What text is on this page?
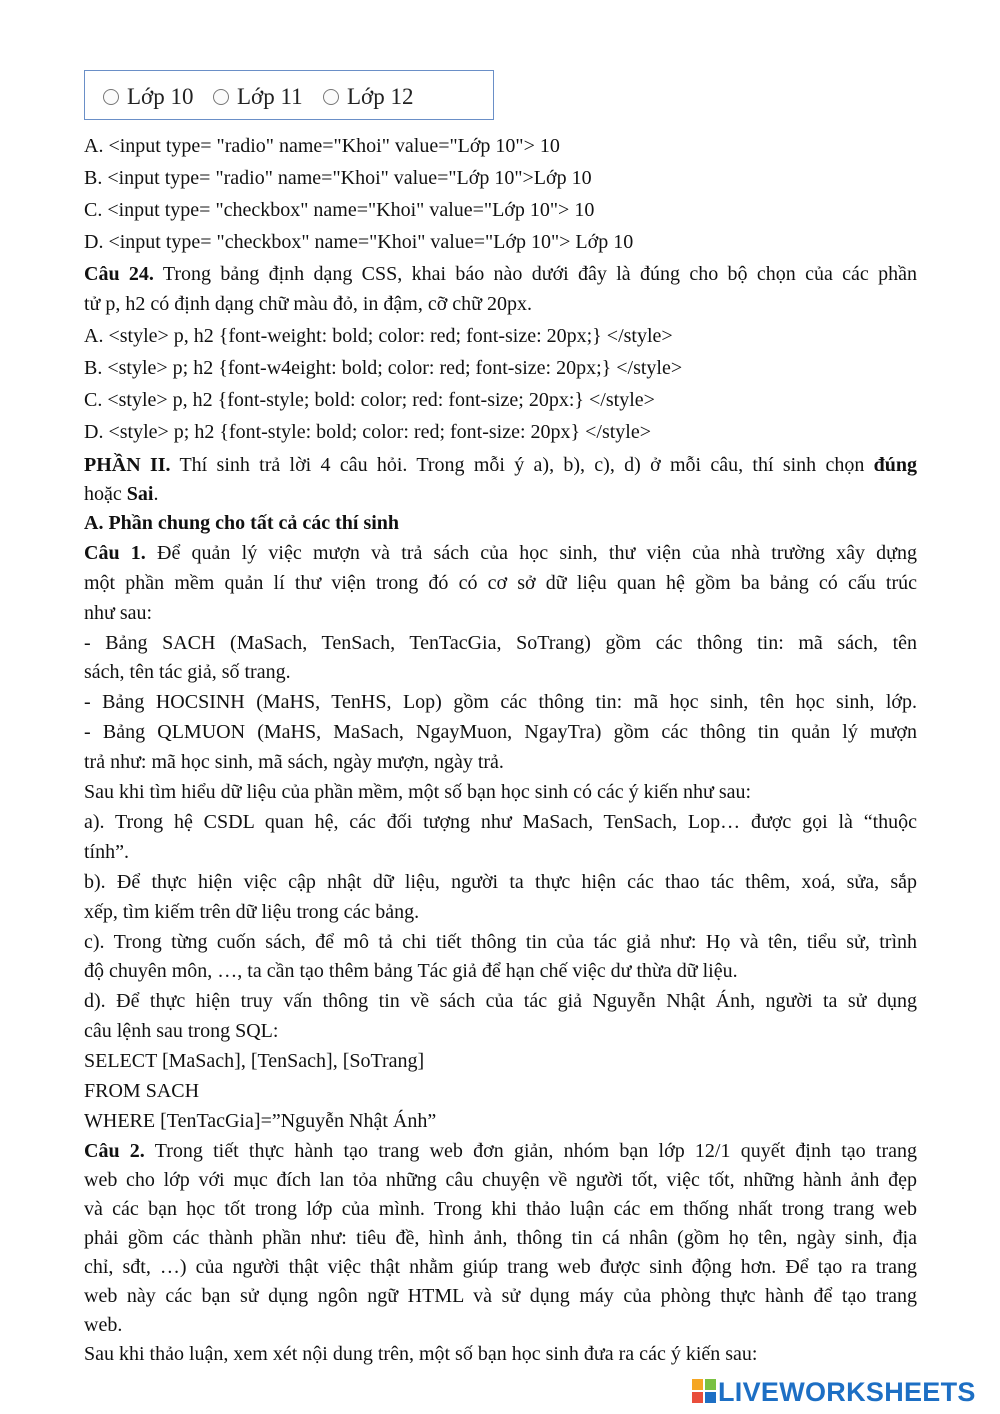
Lớp 10	Lớp 11	Lớp 12

A. <input type= "radio" name="Khoi" value="Lớp 10"> 10

B. <input type= "radio" name="Khoi" value="Lớp 10">Lớp 10

C. <input type= "checkbox" name="Khoi" value="Lớp 10"> 10

D. <input type= "checkbox" name="Khoi" value="Lớp 10"> Lớp 10

Câu 24. Trong bảng định dạng CSS, khai báo nào dưới đây là đúng cho bộ chọn của các phần

tử p, h2 có định dạng chữ màu đỏ, in đậm, cỡ chữ 20px.

A. <style> p, h2 {font-weight: bold; color: red; font-size: 20px;} </style>

B. <style> p; h2 {font-w4eight: bold; color: red; font-size: 20px;} </style>

C. <style> p, h2 {font-style; bold: color; red: font-size; 20px:} </style>

D. <style> p; h2 {font-style: bold; color: red; font-size: 20px} </style>

PHẦN II. Thí sinh trả lời 4 câu hỏi. Trong mỗi ý a), b), c), d) ở mỗi câu, thí sinh chọn đúng

hoặc Sai.

A. Phần chung cho tất cả các thí sinh

Câu 1. Để quản lý việc mượn và trả sách của học sinh, thư viện của nhà trường xây dựng

một phần mềm quản lí thư viện trong đó có cơ sở dữ liệu quan hệ gồm ba bảng có cấu trúc

như sau:

- Bảng SACH (MaSach, TenSach, TenTacGia, SoTrang) gồm các thông tin: mã sách, tên

sách, tên tác giả, số trang.

- Bảng HOCSINH (MaHS, TenHS, Lop) gồm các thông tin: mã học sinh, tên học sinh, lớp.

- Bảng QLMUON (MaHS, MaSach, NgayMuon, NgayTra) gồm các thông tin quản lý mượn

trả như: mã học sinh, mã sách, ngày mượn, ngày trả.

Sau khi tìm hiểu dữ liệu của phần mềm, một số bạn học sinh có các ý kiến như sau:

a). Trong hệ CSDL quan hệ, các đối tượng như MaSach, TenSach, Lop… được gọi là “thuộc

tính”.

b). Để thực hiện việc cập nhật dữ liệu, người ta thực hiện các thao tác thêm, xoá, sửa, sắp

xếp, tìm kiếm trên dữ liệu trong các bảng.

c). Trong từng cuốn sách, để mô tả chi tiết thông tin của tác giả như: Họ và tên, tiểu sử, trình

độ chuyên môn, …, ta cần tạo thêm bảng Tác giả để hạn chế việc dư thừa dữ liệu.

d). Để thực hiện truy vấn thông tin về sách của tác giả Nguyễn Nhật Ánh, người ta sử dụng

câu lệnh sau trong SQL:

SELECT [MaSach], [TenSach], [SoTrang]

FROM SACH

WHERE [TenTacGia]=”Nguyễn Nhật Ánh”

Câu 2. Trong tiết thực hành tạo trang web đơn giản, nhóm bạn lớp 12/1 quyết định tạo trang

web cho lớp với mục đích lan tỏa những câu chuyện về người tốt, việc tốt, những hành ảnh đẹp

và các bạn học tốt trong lớp của mình. Trong khi thảo luận các em thống nhất trong trang web

phải gồm các thành phần như: tiêu đề, hình ảnh, thông tin cá nhân (gồm họ tên, ngày sinh, địa

chỉ, sđt, …) của người thật việc thật nhằm giúp trang web được sinh động hơn. Để tạo ra trang

web này các bạn sử dụng ngôn ngữ HTML và sử dụng máy của phòng thực hành để tạo trang

web.

Sau khi thảo luận, xem xét nội dung trên, một số bạn học sinh đưa ra các ý kiến sau:

LIVEWORKSHEETS
